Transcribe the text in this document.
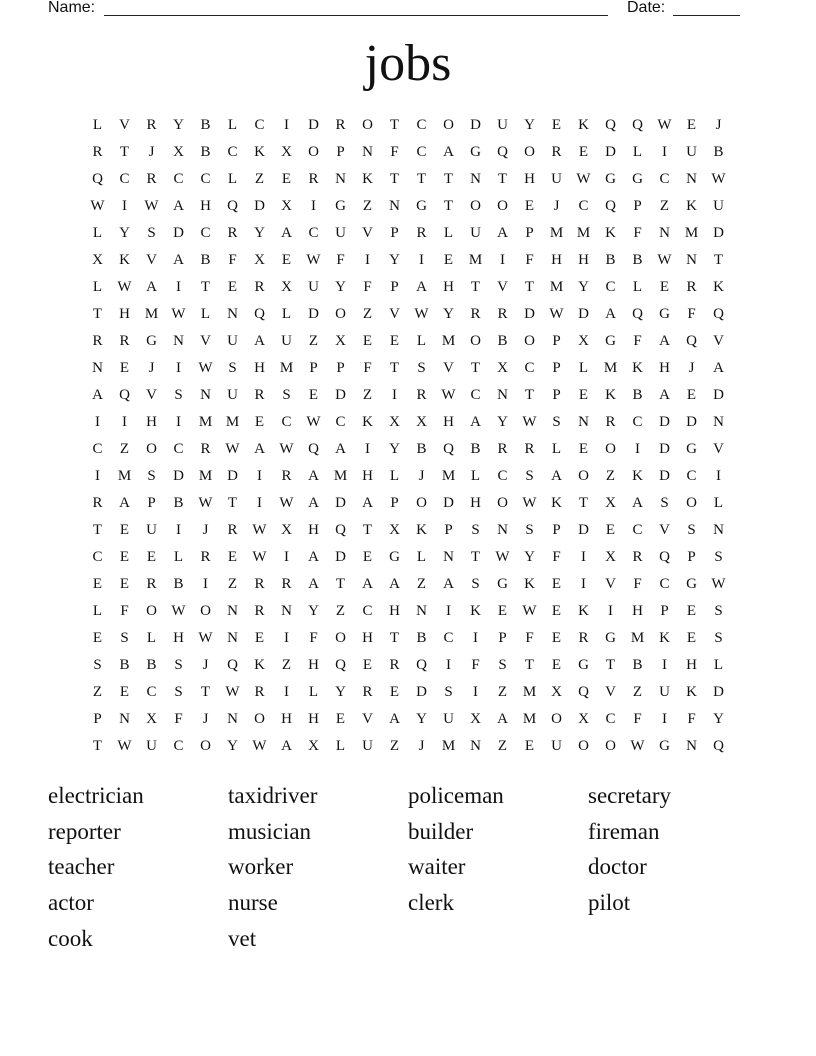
Name:	Date:
jobs
L	V	R	Y	B	L	C	I	D	R	O	T	C	O	D	U	Y	E	K	Q	Q W	E	J
R	T	J	X	B	C	K	X	O	P	N	F	C	A	G	Q	O	R	E	D	L	I	U	B
Q	C	R	C	C	L	Z	E	R	N	K	T	T	T	N	T	H	U W G	G	C	N W
W	I	W A	H	Q	D	X	I	G	Z	N	G	T	O	O	E	J	C	Q	P	Z	K	U
L	Y	S	D	C	R	Y	A	C	U	V	P	R	L	U	A	P	M M K	F	N M D
X	K	V	A	B	F	X	E	W	F	I	Y	I	E	M	I	F	H	H	B	B W N	T
L	W A	I	T	E	R	X	U	Y	F	P	A	H	T	V	T	M Y	C	L	E	R	K
T	H M W	L	N	Q	L	D	O	Z	V W Y	R	R	D W D	A	Q	G	F	Q
R	R	G	N	V	U	A	U	Z	X	E	E	L	M O	B	O	P	X	G	F	A	Q	V
N	E	J	I	W	S	H M	P	P	F	T	S	V	T	X	C	P	L	M K	H	J	A
A	Q	V	S	N	U	R	S	E	D	Z	I	R W C	N	T	P	E	K	B	A	E	D
I	I	H	I	M M	E	C W C	K	X	X	H	A	Y W	S	N	R	C	D	D	N
C	Z	O	C	R W A W Q	A	I	Y	B	Q	B	R	R	L	E	O	I	D	G	V
I	M	S	D M D	I	R	A M H	L	J	M	L	C	S	A	O	Z	K	D	C	I
R	A	P	B W	T	I	W A	D	A	P	O	D	H	O W K	T	X	A	S	O	L
T	E	U	I	J	R W X	H	Q	T	X	K	P	S	N	S	P	D	E	C	V	S	N
C	E	E	L	R	E	W	I	A	D	E	G	L	N	T	W Y	F	I	X	R	Q	P	S
E	E	R	B	I	Z	R	R	A	T	A	A	Z	A	S	G	K	E	I	V	F	C	G W
L	F	O W O	N	R	N	Y	Z	C	H	N	I	K	E	W	E	K	I	H	P	E	S
E	S	L	H W N	E	I	F	O	H	T	B	C	I	P	F	E	R	G M K	E	S
S	B	B	S	J	Q	K	Z	H	Q	E	R	Q	I	F	S	T	E	G	T	B	I	H	L
Z	E	C	S	T	W R	I	L	Y	R	E	D	S	I	Z	M X	Q	V	Z	U	K	D
P	N	X	F	J	N	O	H	H	E	V	A	Y	U	X	A M O	X	C	F	I	F	Y
T	W U	C	O	Y W A	X	L	U	Z	J	M N	Z	E	U	O	O W G	N	Q
electrician	taxidriver	policeman	secretary
reporter	musician	builder	fireman
teacher	worker	waiter	doctor
actor	nurse	clerk	pilot
cook	vet
